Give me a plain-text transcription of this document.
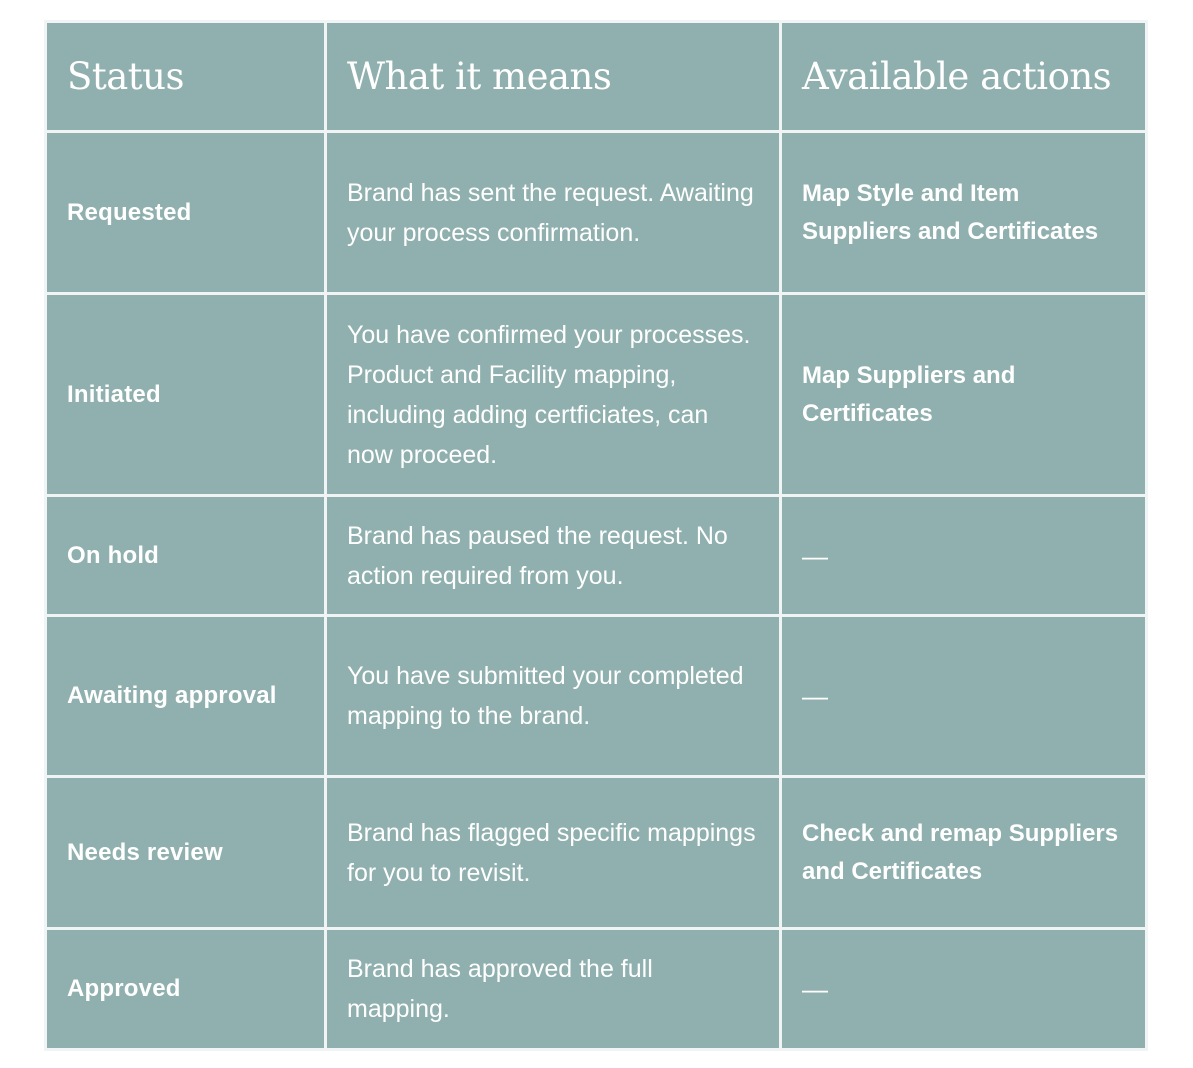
Status	What it means	Available actions
Requested	Brand has sent the request. Awaiting your process confirmation.	Map Style and Item Suppliers and Certificates
Initiated	You have confirmed your processes. Product and Facility mapping, including adding certficiates, can now proceed.	Map Suppliers and Certificates
On hold	Brand has paused the request. No action required from you.	—
Awaiting approval	You have submitted your completed mapping to the brand.	—
Needs review	Brand has flagged specific mappings for you to revisit.	Check and remap Suppliers and Certificates
Approved	Brand has approved the full mapping.	—
